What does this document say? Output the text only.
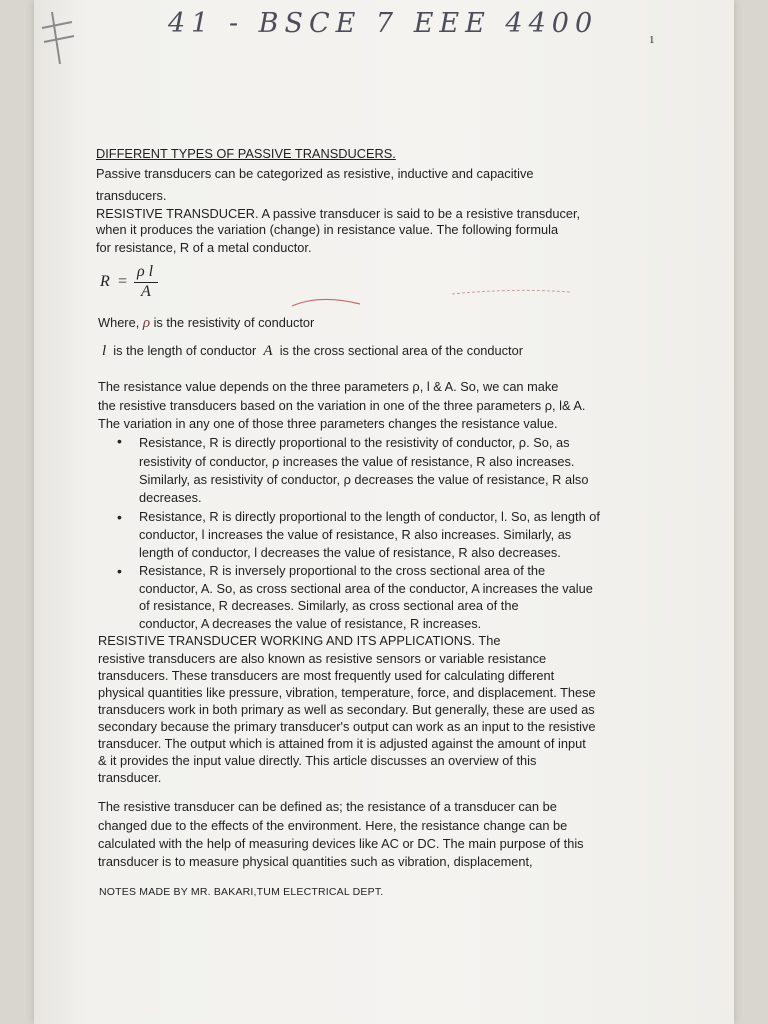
41 - BSCE 7 EEE 4400
1
DIFFERENT TYPES OF PASSIVE TRANSDUCERS.
Passive transducers can be categorized as resistive, inductive and capacitive
transducers.
RESISTIVE TRANSDUCER. A passive transducer is said to be a resistive transducer,
when it produces the variation (change) in resistance value. The following formula
for resistance, R of a metal conductor.
R =
ρ l
A
Where, ρ is the resistivity of conductor
l is the length of conductor A is the cross sectional area of the conductor
The resistance value depends on the three parameters ρ, l & A. So, we can make
the resistive transducers based on the variation in one of the three parameters ρ, l& A.
The variation in any one of those three parameters changes the resistance value.
• Resistance, R is directly proportional to the resistivity of conductor, ρ. So, as
resistivity of conductor, ρ increases the value of resistance, R also increases.
Similarly, as resistivity of conductor, ρ decreases the value of resistance, R also
decreases.
• Resistance, R is directly proportional to the length of conductor, l. So, as length of
conductor, l increases the value of resistance, R also increases. Similarly, as
length of conductor, l decreases the value of resistance, R also decreases.
• Resistance, R is inversely proportional to the cross sectional area of the
conductor, A. So, as cross sectional area of the conductor, A increases the value
of resistance, R decreases. Similarly, as cross sectional area of the
conductor, A decreases the value of resistance, R increases.
RESISTIVE TRANSDUCER WORKING AND ITS APPLICATIONS. The
resistive transducers are also known as resistive sensors or variable resistance
transducers. These transducers are most frequently used for calculating different
physical quantities like pressure, vibration, temperature, force, and displacement. These
transducers work in both primary as well as secondary. But generally, these are used as
secondary because the primary transducer's output can work as an input to the resistive
transducer. The output which is attained from it is adjusted against the amount of input
& it provides the input value directly. This article discusses an overview of this
transducer.
The resistive transducer can be defined as; the resistance of a transducer can be
changed due to the effects of the environment. Here, the resistance change can be
calculated with the help of measuring devices like AC or DC. The main purpose of this
transducer is to measure physical quantities such as vibration, displacement,
NOTES MADE BY MR. BAKARI,TUM ELECTRICAL DEPT.
